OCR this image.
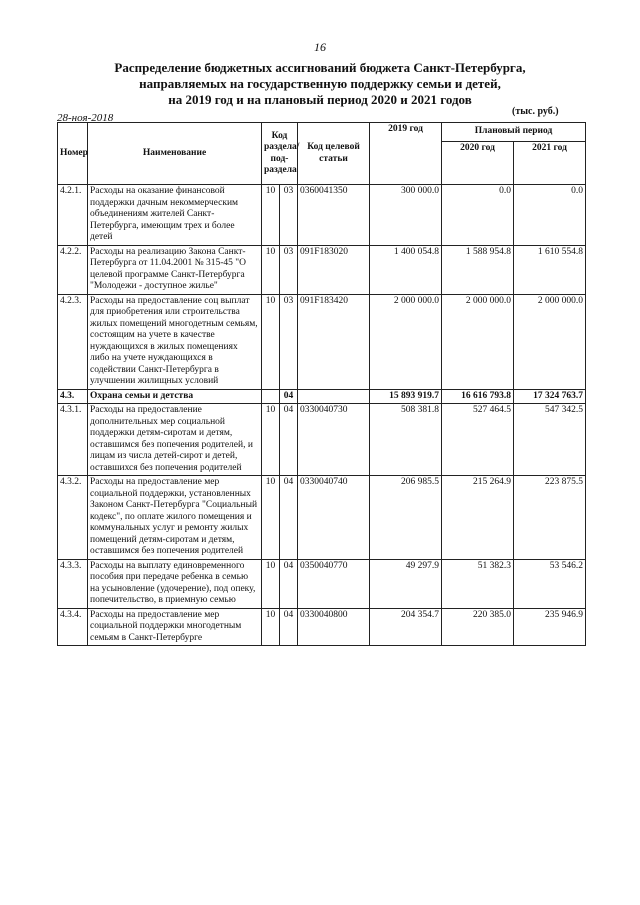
16
Распределение бюджетных ассигнований бюджета Санкт-Петербурга,
направляемых на государственную поддержку семьи и детей,
на 2019 год и на плановый период 2020 и 2021 годов
28-ноя-2018
(тыс. руб.)
Номер	Наименование	Код раздела/ под- раздела		Код целевой статьи	2019 год	Плановый период	
						2020 год	2021 год
4.2.1.	Расходы на оказание финансовой поддержки дачным некоммерческим объединениям жителей Санкт-Петербурга, имеющим трех и более детей	10	03	0360041350	300 000.0	0.0	0.0
4.2.2.	Расходы на реализацию Закона Санкт-Петербурга от 11.04.2001 № 315-45 "О целевой программе Санкт-Петербурга "Молодежи - доступное жилье"	10	03	091F183020	1 400 054.8	1 588 954.8	1 610 554.8
4.2.3.	Расходы на предоставление соц выплат для приобретения или строительства жилых помещений многодетным семьям, состоящим на учете в качестве нуждающихся в жилых помещениях либо на учете нуждающихся в содействии Санкт-Петербурга в улучшении жилищных условий	10	03	091F183420	2 000 000.0	2 000 000.0	2 000 000.0
4.3.	Охрана семьи и детства		04		15 893 919.7	16 616 793.8	17 324 763.7
4.3.1.	Расходы на предоставление дополнительных мер социальной поддержки детям-сиротам и детям, оставшимся без попечения родителей, и лицам из числа детей-сирот и детей, оставшихся без попечения родителей	10	04	0330040730	508 381.8	527 464.5	547 342.5
4.3.2.	Расходы на предоставление мер социальной поддержки, установленных Законом Санкт-Петербурга "Социальный кодекс", по оплате жилого помещения и коммунальных услуг и ремонту жилых помещений детям-сиротам и детям, оставшимся без попечения родителей	10	04	0330040740	206 985.5	215 264.9	223 875.5
4.3.3.	Расходы на выплату единовременного пособия при передаче ребенка в семью на усыновление (удочерение), под опеку, попечительство, в приемную семью	10	04	0350040770	49 297.9	51 382.3	53 546.2
4.3.4.	Расходы на предоставление мер социальной поддержки многодетным семьям в Санкт-Петербурге	10	04	0330040800	204 354.7	220 385.0	235 946.9
